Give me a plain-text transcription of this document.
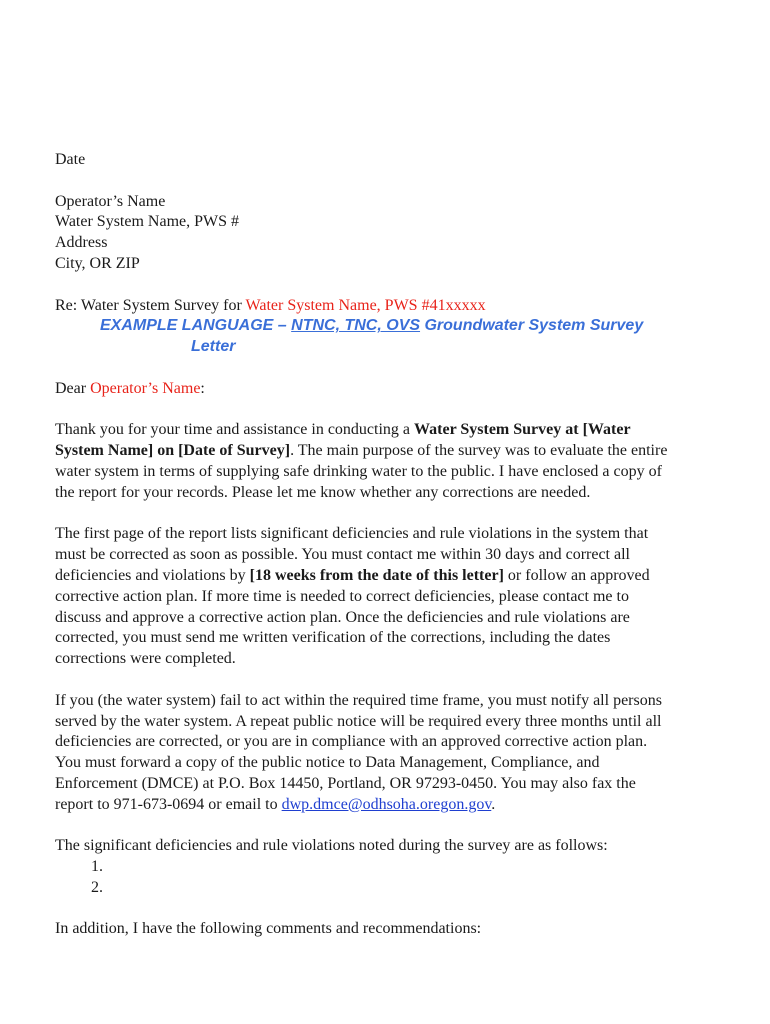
Date
Operator’s Name
Water System Name, PWS #
Address
City, OR ZIP
Re: Water System Survey for Water System Name, PWS #41xxxxx
EXAMPLE LANGUAGE – NTNC, TNC, OVS Groundwater System Survey
Letter
Dear Operator’s Name:
Thank you for your time and assistance in conducting a Water System Survey at [Water
System Name] on [Date of Survey]. The main purpose of the survey was to evaluate the entire
water system in terms of supplying safe drinking water to the public. I have enclosed a copy of
the report for your records. Please let me know whether any corrections are needed.
The first page of the report lists significant deficiencies and rule violations in the system that
must be corrected as soon as possible. You must contact me within 30 days and correct all
deficiencies and violations by [18 weeks from the date of this letter] or follow an approved
corrective action plan. If more time is needed to correct deficiencies, please contact me to
discuss and approve a corrective action plan. Once the deficiencies and rule violations are
corrected, you must send me written verification of the corrections, including the dates
corrections were completed.
If you (the water system) fail to act within the required time frame, you must notify all persons
served by the water system. A repeat public notice will be required every three months until all
deficiencies are corrected, or you are in compliance with an approved corrective action plan.
You must forward a copy of the public notice to Data Management, Compliance, and
Enforcement (DMCE) at P.O. Box 14450, Portland, OR 97293-0450. You may also fax the
report to 971-673-0694 or email to dwp.dmce@odhsoha.oregon.gov.
The significant deficiencies and rule violations noted during the survey are as follows:
1.
2.
In addition, I have the following comments and recommendations:
